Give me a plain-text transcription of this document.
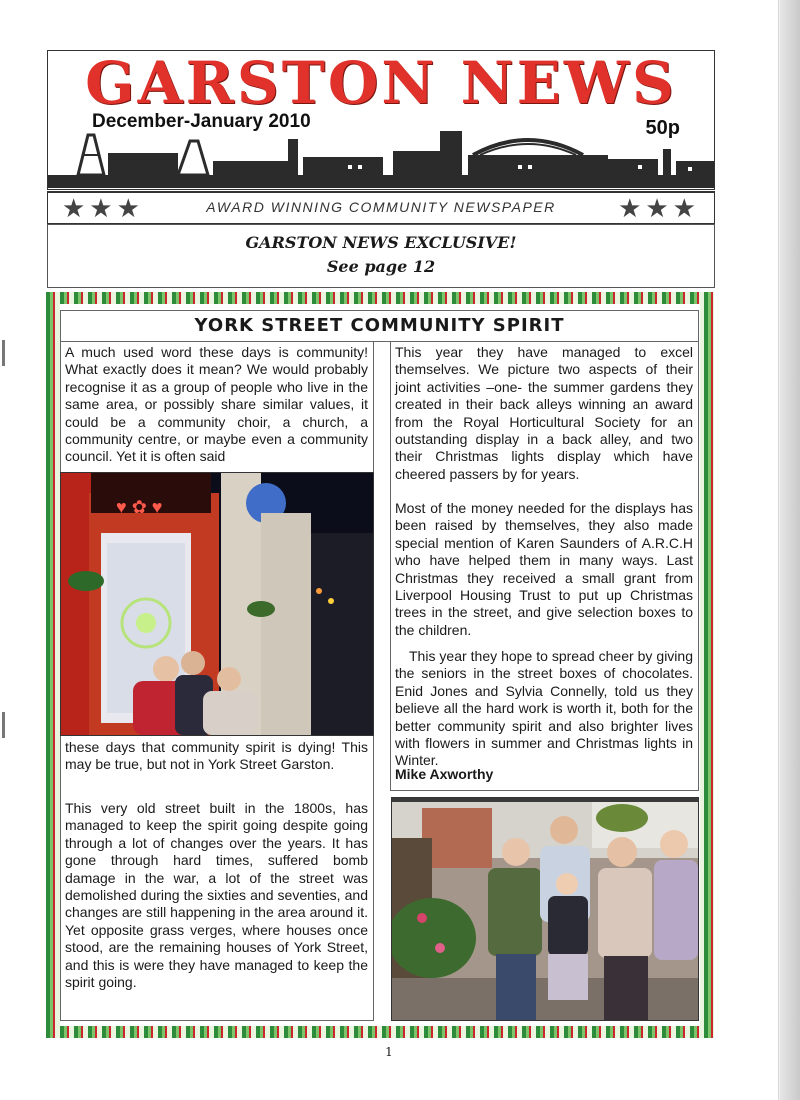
GARSTON NEWS
December-January 2010	50p
★★★	AWARD WINNING COMMUNITY NEWSPAPER	★★★
GARSTON NEWS EXCLUSIVE!
See page 12
YORK STREET COMMUNITY SPIRIT
A much used word these days is community! What exactly does it mean? We would probably recognise it as a group of people who live in the same area, or possibly share similar values, it could be a community choir, a church, a community centre, or maybe even a community council. Yet it is often said
these days that community spirit is dying! This may be true, but not in York Street Garston.
This very old street built in the 1800s, has managed to keep the spirit going despite going through a lot of changes over the years. It has gone through hard times, suffered bomb damage in the war, a lot of the street was demolished during the sixties and seventies, and changes are still happening in the area around it. Yet opposite grass verges, where houses once stood, are the remaining houses of York Street, and this is were they have managed to keep the spirit going.
♥ ✿ ♥
This year they have managed to excel themselves. We picture two aspects of their joint activities –one- the summer gardens they created in their back alleys winning an award from the Royal Horticultural Society for an outstanding display in a back alley, and two their Christmas lights display which have cheered passers by for years.
Most of the money needed for the displays has been raised by themselves, they also made special mention of Karen Saunders of A.R.C.H who have helped them in many ways. Last Christmas they received a small grant from Liverpool Housing Trust to put up Christmas trees in the street, and give selection boxes to the children.
This year they hope to spread cheer by giving the seniors in the street boxes of chocolates. Enid Jones and Sylvia Connelly, told us they believe all the hard work is worth it, both for the better community spirit and also brighter lives with flowers in summer and Christmas lights in Winter.
Mike Axworthy
1
